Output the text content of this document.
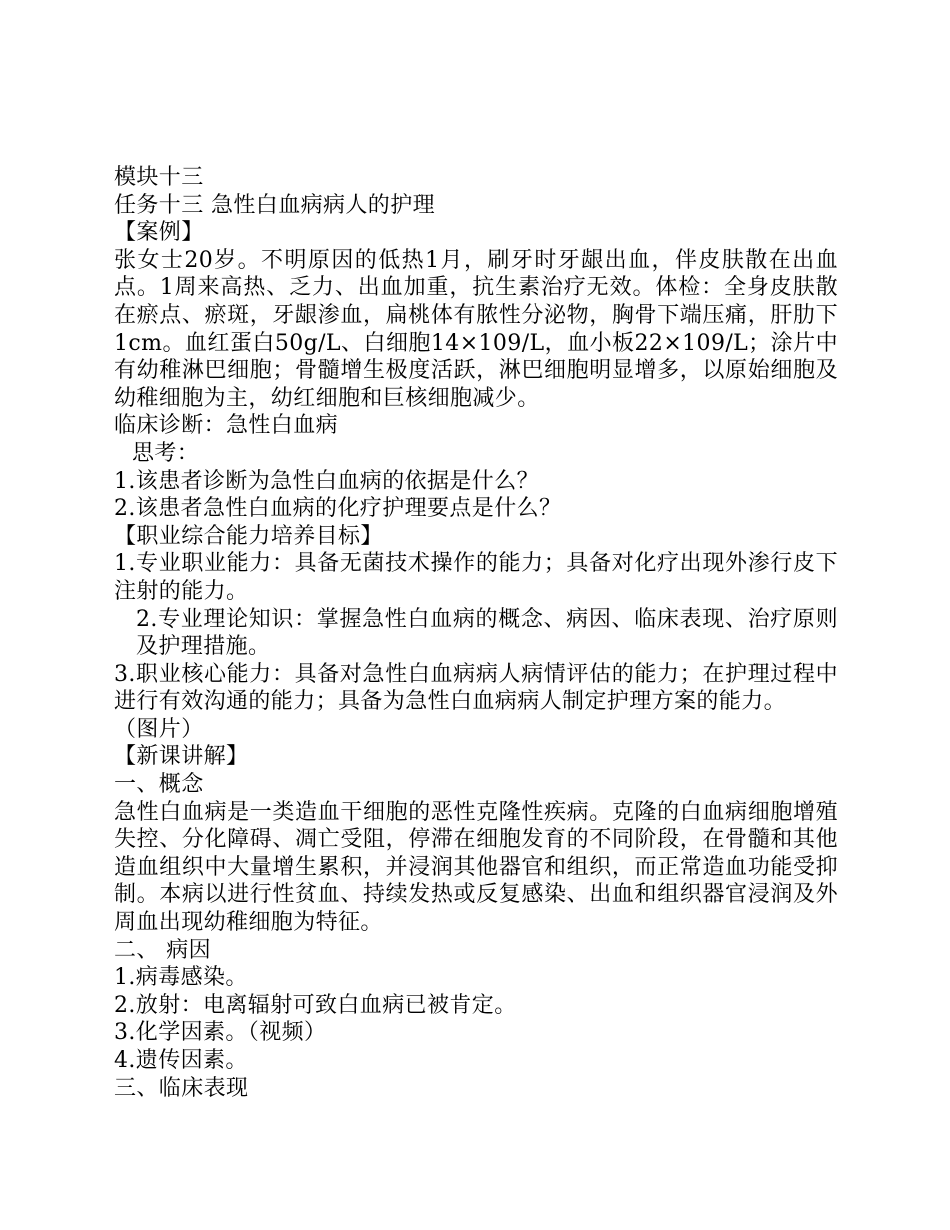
模块十三

任务十三 急性白血病病人的护理

【案例】

张女士20岁。不明原因的低热1月，刷牙时牙龈出血，伴皮肤散在出血点。1周来高热、乏力、出血加重，抗生素治疗无效。体检：全身皮肤散在瘀点、瘀斑，牙龈渗血，扁桃体有脓性分泌物，胸骨下端压痛，肝肋下1cm。血红蛋白50g/L、白细胞14×109/L，血小板22×109/L；涂片中有幼稚淋巴细胞；骨髓增生极度活跃，淋巴细胞明显增多，以原始细胞及幼稚细胞为主，幼红细胞和巨核细胞减少。

临床诊断：急性白血病

思考：

1.该患者诊断为急性白血病的依据是什么？

2.该患者急性白血病的化疗护理要点是什么？

【职业综合能力培养目标】

1.专业职业能力：具备无菌技术操作的能力；具备对化疗出现外渗行皮下注射的能力。

2.专业理论知识：掌握急性白血病的概念、病因、临床表现、治疗原则及护理措施。

3.职业核心能力：具备对急性白血病病人病情评估的能力；在护理过程中进行有效沟通的能力；具备为急性白血病病人制定护理方案的能力。

（图片）

【新课讲解】

一、概念

急性白血病是一类造血干细胞的恶性克隆性疾病。克隆的白血病细胞增殖失控、分化障碍、凋亡受阻，停滞在细胞发育的不同阶段，在骨髓和其他造血组织中大量增生累积，并浸润其他器官和组织，而正常造血功能受抑制。本病以进行性贫血、持续发热或反复感染、出血和组织器官浸润及外周血出现幼稚细胞为特征。

二、 病因

1.病毒感染。

2.放射：电离辐射可致白血病已被肯定。

3.化学因素。（视频）

4.遗传因素。

三、临床表现
